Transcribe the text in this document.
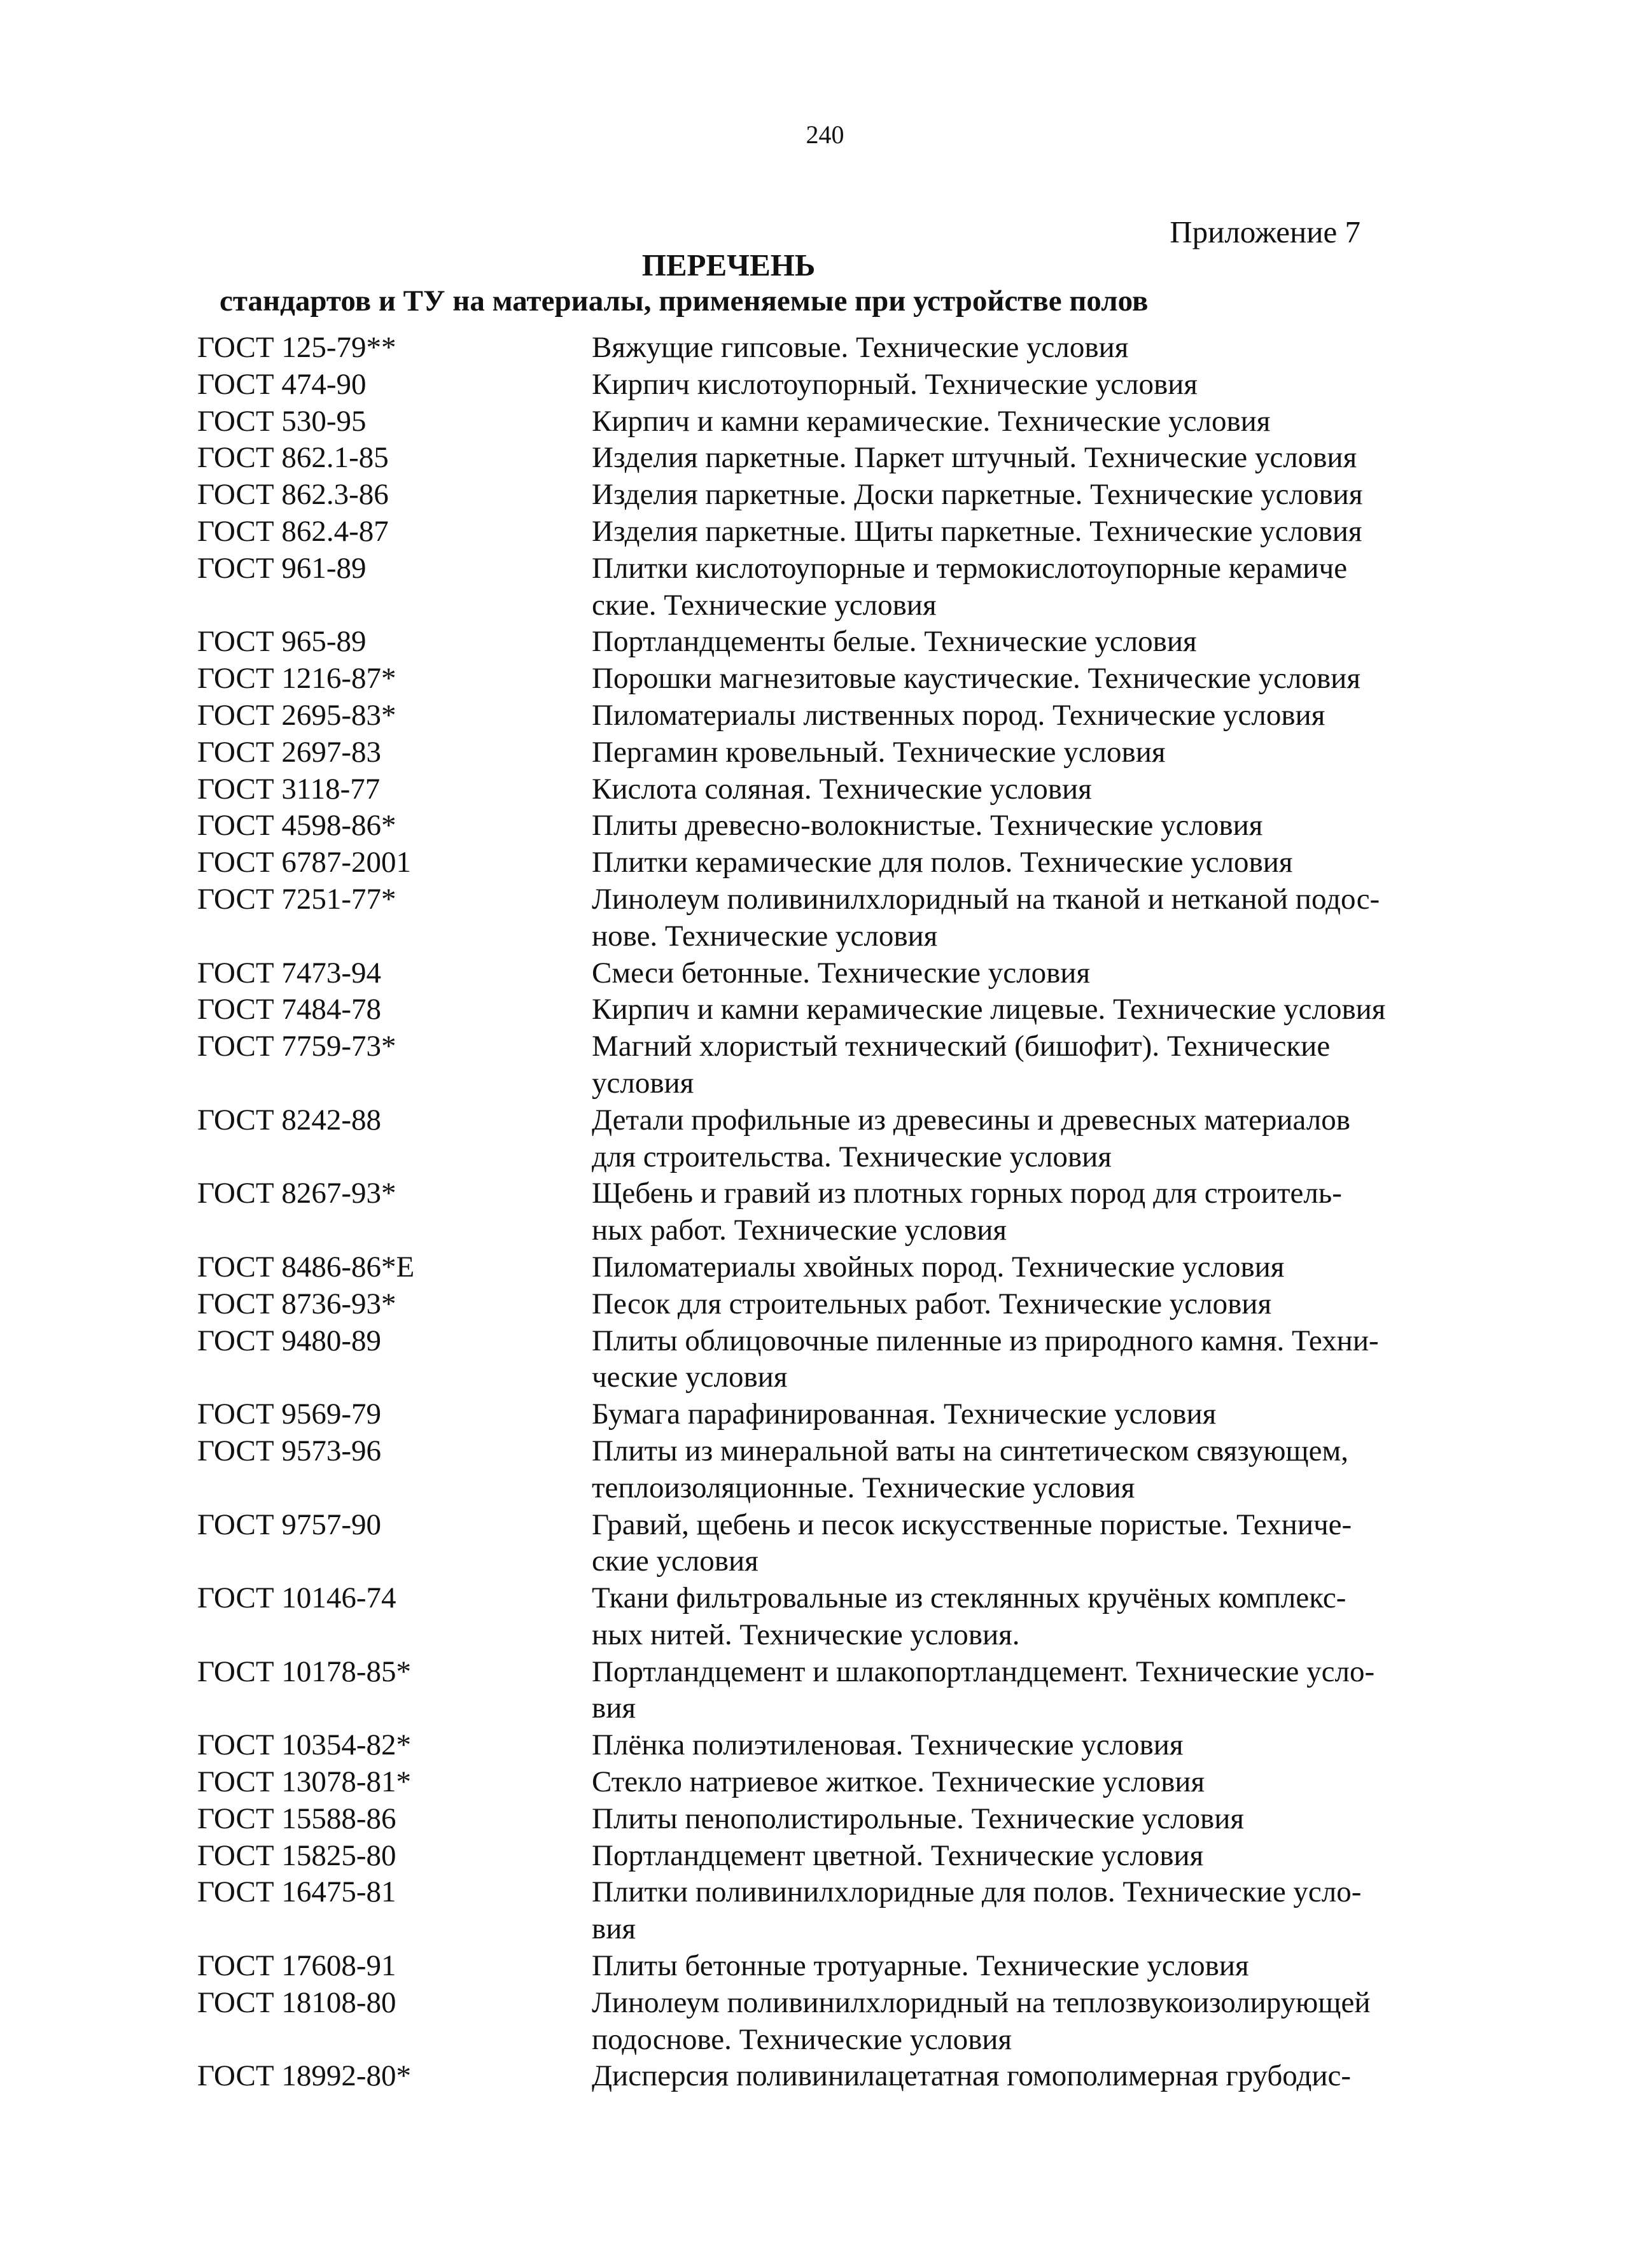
240
Приложение 7
ПЕРЕЧЕНЬ
стандартов и ТУ на материалы, применяемые при устройстве полов
ГОСТ 125-79**	Вяжущие гипсовые. Технические условия
ГОСТ 474-90	Кирпич кислотоупорный. Технические условия
ГОСТ 530-95	Кирпич и камни керамические. Технические условия
ГОСТ 862.1-85	Изделия паркетные. Паркет штучный. Технические условия
ГОСТ 862.3-86	Изделия паркетные. Доски паркетные. Технические условия
ГОСТ 862.4-87	Изделия паркетные. Щиты паркетные. Технические условия
ГОСТ 961-89	Плитки кислотоупорные и термокислотоупорные керамиче
ские. Технические условия
ГОСТ 965-89	Портландцементы белые. Технические условия
ГОСТ 1216-87*	Порошки магнезитовые каустические. Технические условия
ГОСТ 2695-83*	Пиломатериалы лиственных пород. Технические условия
ГОСТ 2697-83	Пергамин кровельный. Технические условия
ГОСТ 3118-77	Кислота соляная. Технические условия
ГОСТ 4598-86*	Плиты древесно-волокнистые. Технические условия
ГОСТ 6787-2001	Плитки керамические для полов. Технические условия
ГОСТ 7251-77*	Линолеум поливинилхлоридный на тканой и нетканой подос-
нове. Технические условия
ГОСТ 7473-94	Смеси бетонные. Технические условия
ГОСТ 7484-78	Кирпич и камни керамические лицевые. Технические условия
ГОСТ 7759-73*	Магний хлористый технический (бишофит). Технические
условия
ГОСТ 8242-88	Детали профильные из древесины и древесных материалов
для строительства. Технические условия
ГОСТ 8267-93*	Щебень и гравий из плотных горных пород для строитель-
ных работ. Технические условия
ГОСТ 8486-86*Е	Пиломатериалы хвойных пород. Технические условия
ГОСТ 8736-93*	Песок для строительных работ. Технические условия
ГОСТ 9480-89	Плиты облицовочные пиленные из природного камня. Техни-
ческие условия
ГОСТ 9569-79	Бумага парафинированная. Технические условия
ГОСТ 9573-96	Плиты из минеральной ваты на синтетическом связующем,
теплоизоляционные. Технические условия
ГОСТ 9757-90	Гравий, щебень и песок искусственные пористые. Техниче-
ские условия
ГОСТ 10146-74	Ткани фильтровальные из стеклянных кручёных комплекс-
ных нитей. Технические условия.
ГОСТ 10178-85*	Портландцемент и шлакопортландцемент. Технические усло-
вия
ГОСТ 10354-82*	Плёнка полиэтиленовая. Технические условия
ГОСТ 13078-81*	Стекло натриевое житкое. Технические условия
ГОСТ 15588-86	Плиты пенополистирольные. Технические условия
ГОСТ 15825-80	Портландцемент цветной. Технические условия
ГОСТ 16475-81	Плитки поливинилхлоридные для полов. Технические усло-
вия
ГОСТ 17608-91	Плиты бетонные тротуарные. Технические условия
ГОСТ 18108-80	Линолеум поливинилхлоридный на теплозвукоизолирующей
подоснове. Технические условия
ГОСТ 18992-80*	Дисперсия поливинилацетатная гомополимерная грубодис-
